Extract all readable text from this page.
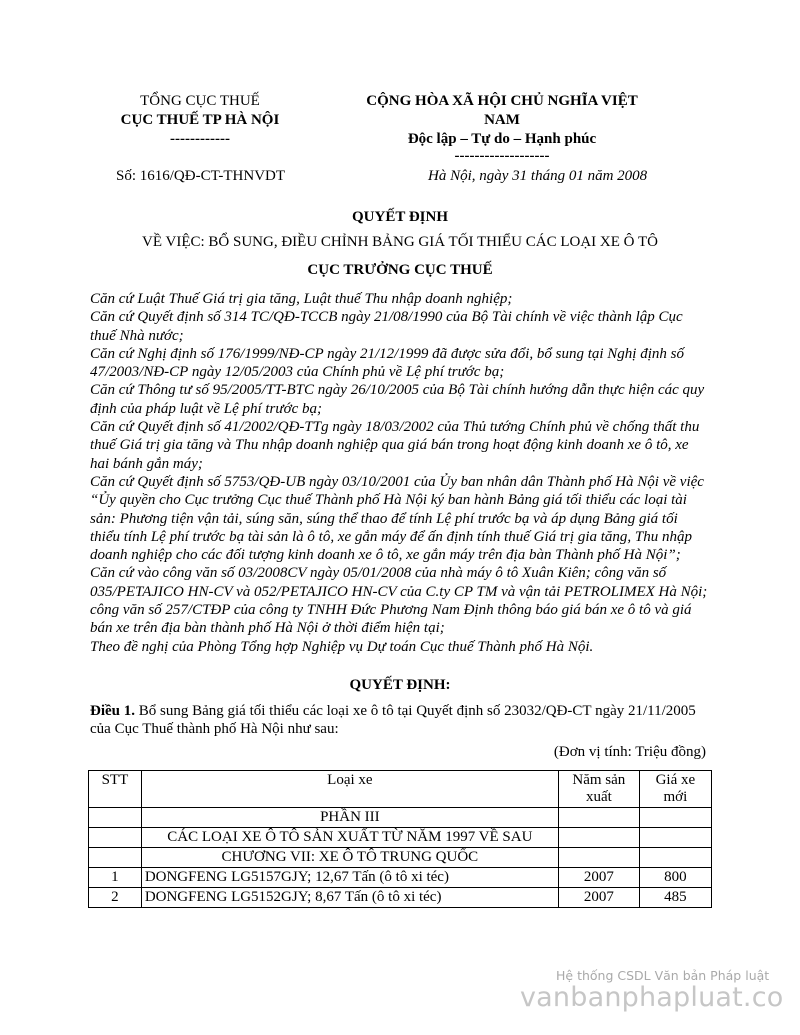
TỔNG CỤC THUẾ
CỤC THUẾ TP HÀ NỘI
------------
CỘNG HÒA XÃ HỘI CHỦ NGHĨA VIỆT
NAM
Độc lập – Tự do – Hạnh phúc
-------------------
Số: 1616/QĐ-CT-THNVDT	Hà Nội, ngày 31 tháng 01 năm 2008
QUYẾT ĐỊNH
VỀ VIỆC: BỔ SUNG, ĐIỀU CHỈNH BẢNG GIÁ TỐI THIỂU CÁC LOẠI XE Ô TÔ
CỤC TRƯỞNG CỤC THUẾ

Căn cứ Luật Thuế Giá trị gia tăng, Luật thuế Thu nhập doanh nghiệp;

Căn cứ Quyết định số 314 TC/QĐ-TCCB ngày 21/08/1990 của Bộ Tài chính về việc thành lập Cục thuế Nhà nước;

Căn cứ Nghị định số 176/1999/NĐ-CP ngày 21/12/1999 đã được sửa đổi, bổ sung tại Nghị định số 47/2003/NĐ-CP ngày 12/05/2003 của Chính phủ về Lệ phí trước bạ;

Căn cứ Thông tư số 95/2005/TT-BTC ngày 26/10/2005 của Bộ Tài chính hướng dẫn thực hiện các quy định của pháp luật về Lệ phí trước bạ;

Căn cứ Quyết định số 41/2002/QĐ-TTg ngày 18/03/2002 của Thủ tướng Chính phủ về chống thất thu thuế Giá trị gia tăng và Thu nhập doanh nghiệp qua giá bán trong hoạt động kinh doanh xe ô tô, xe hai bánh gắn máy;

Căn cứ Quyết định số 5753/QĐ-UB ngày 03/10/2001 của Ủy ban nhân dân Thành phố Hà Nội về việc “Ủy quyền cho Cục trưởng Cục thuế Thành phố Hà Nội ký ban hành Bảng giá tối thiểu các loại tài sản: Phương tiện vận tải, súng săn, súng thể thao để tính Lệ phí trước bạ và áp dụng Bảng giá tối thiểu tính Lệ phí trước bạ tài sản là ô tô, xe gắn máy để ấn định tính thuế Giá trị gia tăng, Thu nhập doanh nghiệp cho các đối tượng kinh doanh xe ô tô, xe gắn máy trên địa bàn Thành phố Hà Nội”;

Căn cứ vào công văn số 03/2008CV ngày 05/01/2008 của nhà máy ô tô Xuân Kiên; công văn số 035/PETAJICO HN-CV và 052/PETAJICO HN-CV của C.ty CP TM và vận tải PETROLIMEX Hà Nội; công văn số 257/CTĐP của công ty TNHH Đức Phương Nam Định thông báo giá bán xe ô tô và giá bán xe trên địa bàn thành phố Hà Nội ở thời điểm hiện tại;

Theo đề nghị của Phòng Tổng hợp Nghiệp vụ Dự toán Cục thuế Thành phố Hà Nội.

QUYẾT ĐỊNH:

Điều 1. Bổ sung Bảng giá tối thiểu các loại xe ô tô tại Quyết định số 23032/QĐ-CT ngày 21/11/2005 của Cục Thuế thành phố Hà Nội như sau:

(Đơn vị tính: Triệu đồng)
STT	Loại xe	Năm sản xuất	Giá xe mới
	PHẦN III		
	CÁC LOẠI XE Ô TÔ SẢN XUẤT TỪ NĂM 1997 VỀ SAU		
	CHƯƠNG VII: XE Ô TÔ TRUNG QUỐC		
1	DONGFENG LG5157GJY; 12,67 Tấn (ô tô xi téc)	2007	800
2	DONGFENG LG5152GJY; 8,67 Tấn (ô tô xi téc)	2007	485
Hệ thống CSDL Văn bản Pháp luật
vanbanphapluat.co
